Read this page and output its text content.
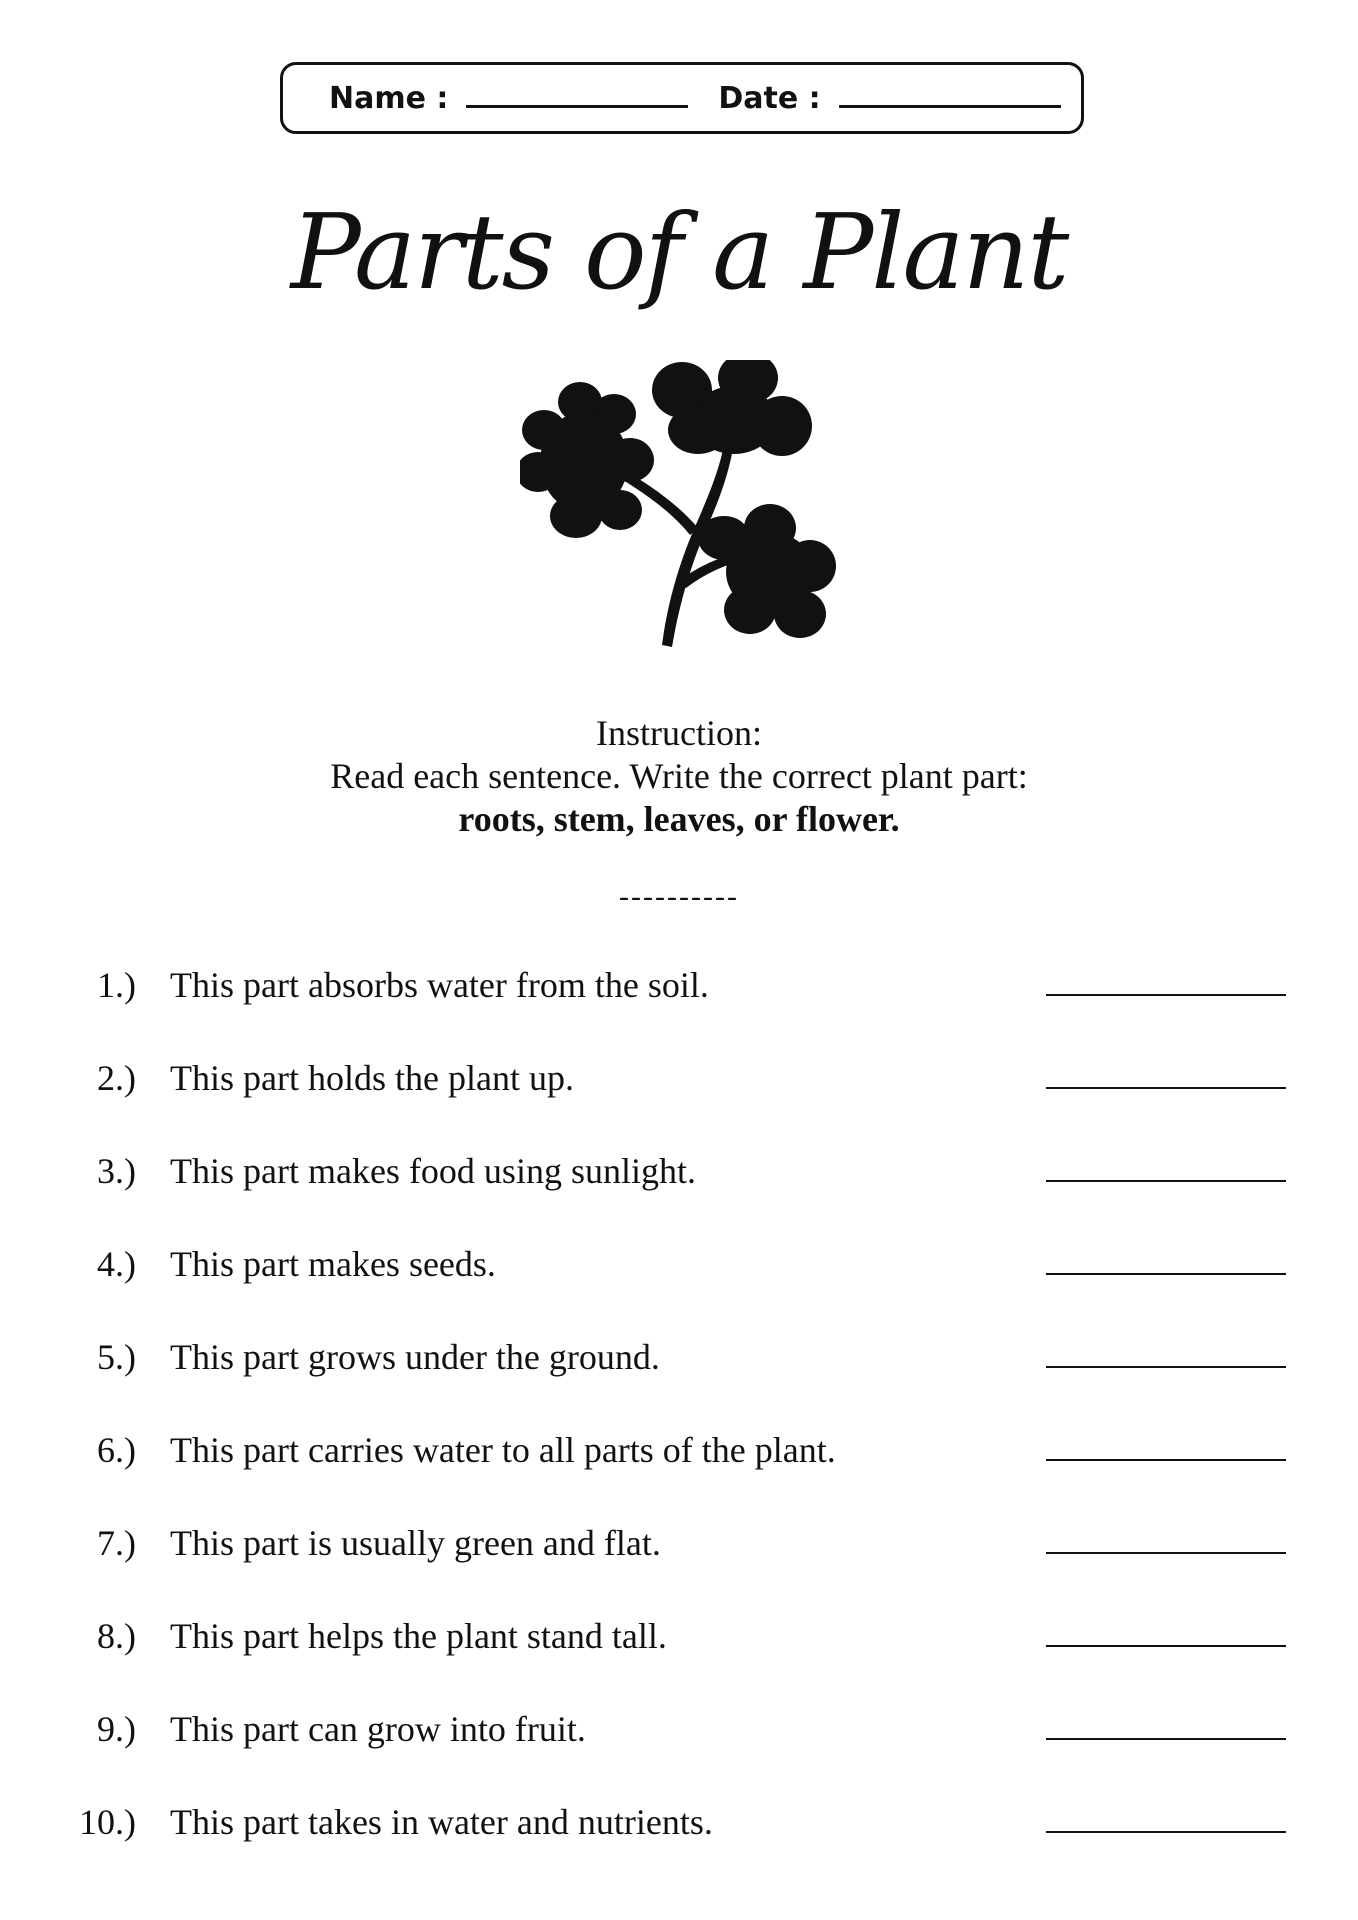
Name :	Date :
Parts of a Plant
Instruction:
Read each sentence. Write the correct plant part:
roots, stem, leaves, or flower.
----------
1.) This part absorbs water from the soil.
2.) This part holds the plant up.
3.) This part makes food using sunlight.
4.) This part makes seeds.
5.) This part grows under the ground.
6.) This part carries water to all parts of the plant.
7.) This part is usually green and flat.
8.) This part helps the plant stand tall.
9.) This part can grow into fruit.
10.) This part takes in water and nutrients.
